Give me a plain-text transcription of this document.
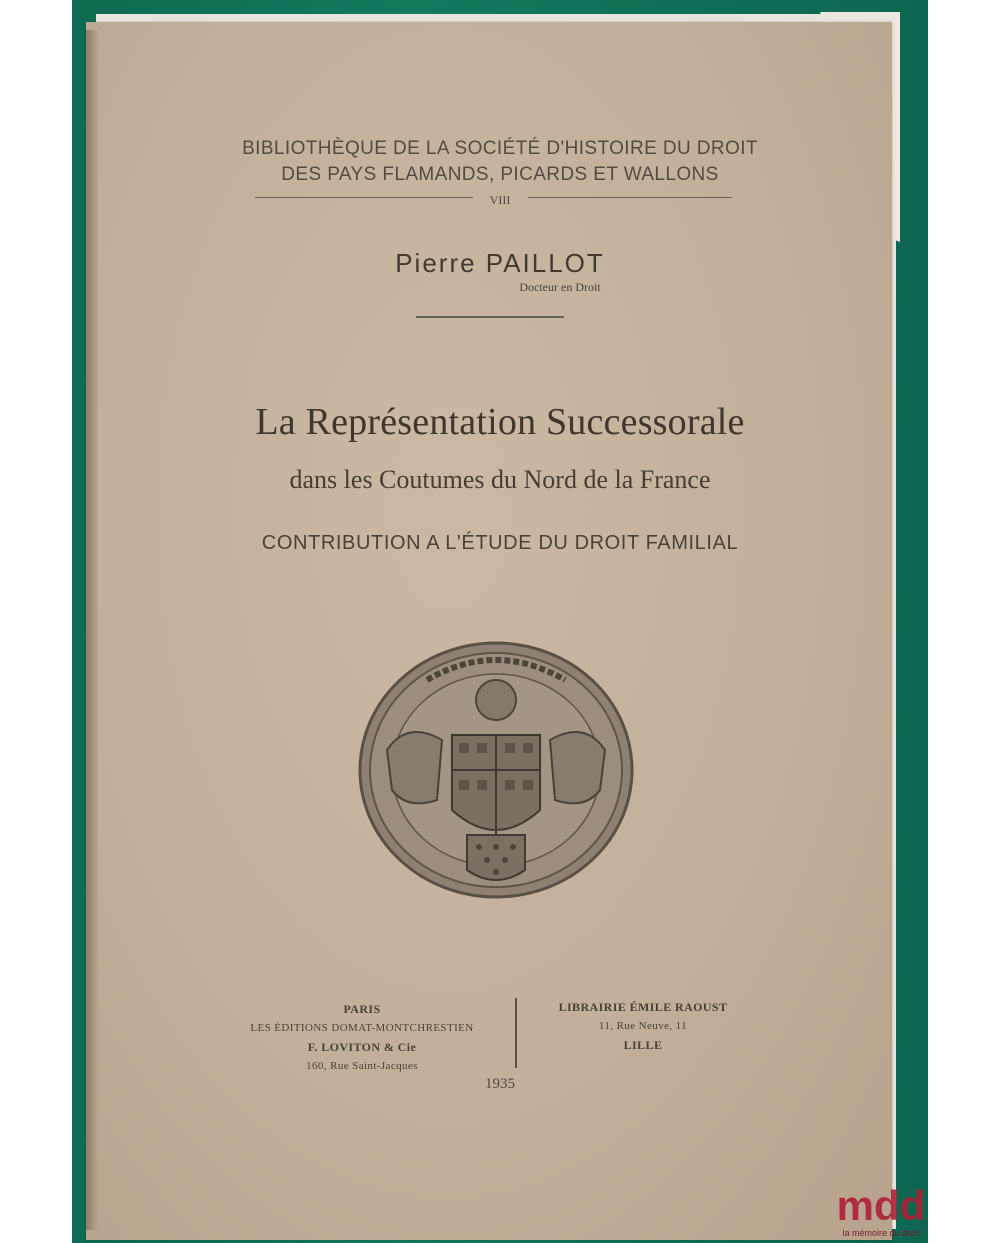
BIBLIOTHÈQUE DE LA SOCIÉTÉ D'HISTOIRE DU DROIT
DES PAYS FLAMANDS, PICARDS ET WALLONS
VIII
Pierre PAILLOT
Docteur en Droit
La Représentation Successorale
dans les Coutumes du Nord de la France
CONTRIBUTION A L'ÉTUDE DU DROIT FAMILIAL
PARIS
LES ÉDITIONS DOMAT-MONTCHRESTIEN
F. LOVITON & Cie
160, Rue Saint-Jacques
LIBRAIRIE ÉMILE RAOUST
11, Rue Neuve, 11
LILLE
1935
mdd
la mémoire du droit
